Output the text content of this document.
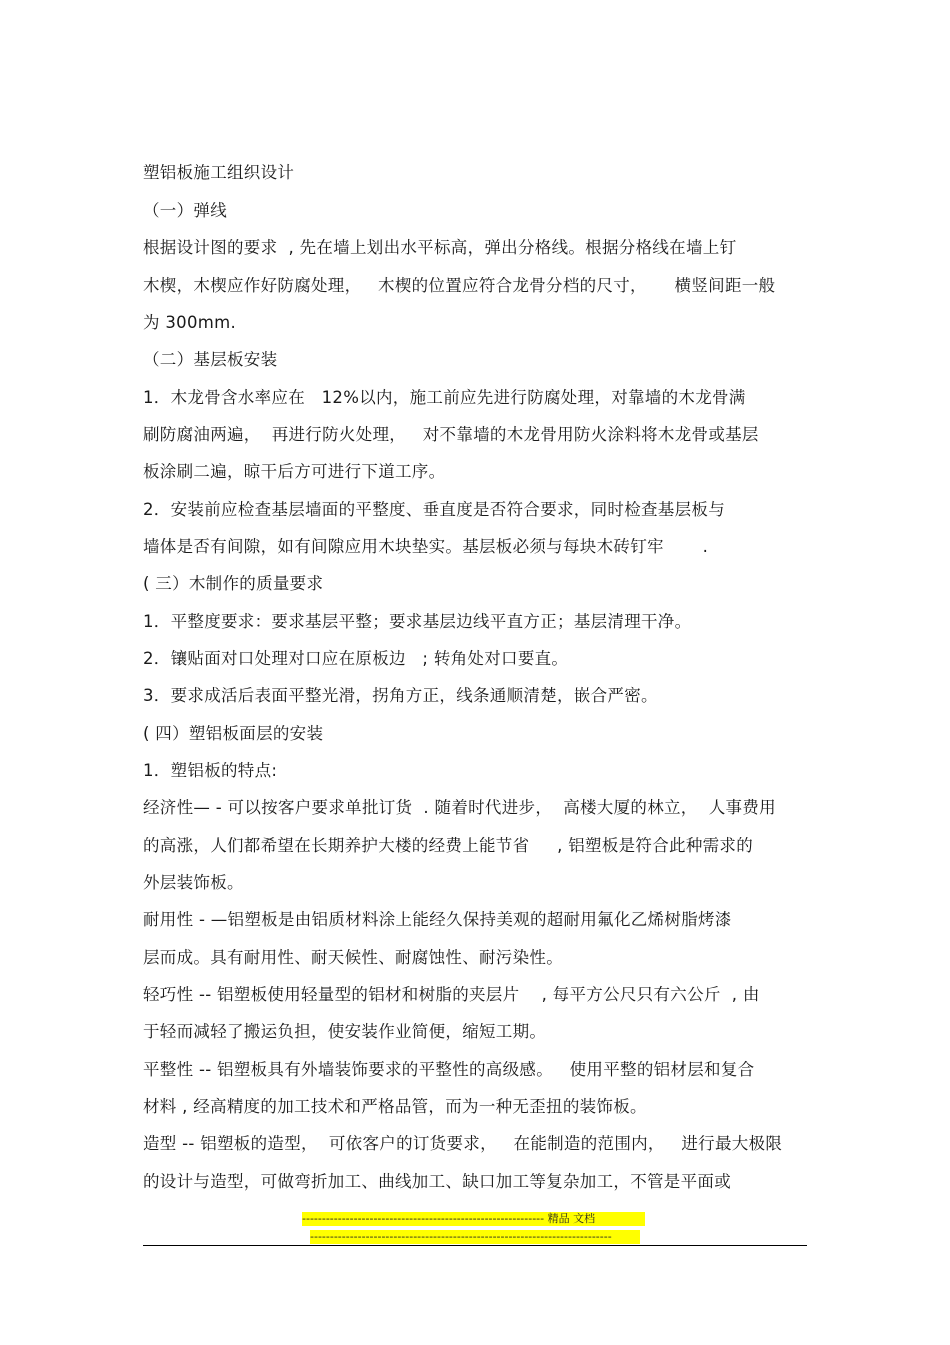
塑铝板施工组织设计
（一）弹线
根据设计图的要求  , 先在墙上划出水平标高，弹出分格线。根据分格线在墙上钉
木楔，木楔应作好防腐处理，   木楔的位置应符合龙骨分档的尺寸，     横竖间距一般
为 300mm.
（二）基层板安装
1．木龙骨含水率应在   12%以内，施工前应先进行防腐处理，对靠墙的木龙骨满
刷防腐油两遍，  再进行防火处理，   对不靠墙的木龙骨用防火涂料将木龙骨或基层
板涂刷二遍，晾干后方可进行下道工序。
2．安装前应检查基层墙面的平整度、垂直度是否符合要求，同时检查基层板与
墙体是否有间隙，如有间隙应用木块垫实。基层板必须与每块木砖钉牢       .
( 三）木制作的质量要求
1．平整度要求：要求基层平整；要求基层边线平直方正；基层清理干净。
2．镶贴面对口处理对口应在原板边   ; 转角处对口要直。
3．要求成活后表面平整光滑，拐角方正，线条通顺清楚，嵌合严密。
( 四）塑铝板面层的安装
1．塑铝板的特点:
经济性— - 可以按客户要求单批订货  . 随着时代进步，  高楼大厦的林立，  人事费用
的高涨，人们都希望在长期养护大楼的经费上能节省     , 铝塑板是符合此种需求的
外层装饰板。
耐用性 - —铝塑板是由铝质材料涂上能经久保持美观的超耐用氟化乙烯树脂烤漆
层而成。具有耐用性、耐天候性、耐腐蚀性、耐污染性。
轻巧性 -- 铝塑板使用轻量型的铝材和树脂的夹层片    , 每平方公尺只有六公斤  , 由
于轻而减轻了搬运负担，使安装作业简便，缩短工期。
平整性 -- 铝塑板具有外墙装饰要求的平整性的高级感。   使用平整的铝材层和复合
材料 , 经高精度的加工技术和严格品管，而为一种无歪扭的装饰板。
造型 -- 铝塑板的造型，  可依客户的订货要求，   在能制造的范围内，   进行最大极限
的设计与造型，可做弯折加工、曲线加工、缺口加工等复杂加工，不管是平面或
------------------------------------------------------------- 精品 文档
----------------------------------------------------------------------------
